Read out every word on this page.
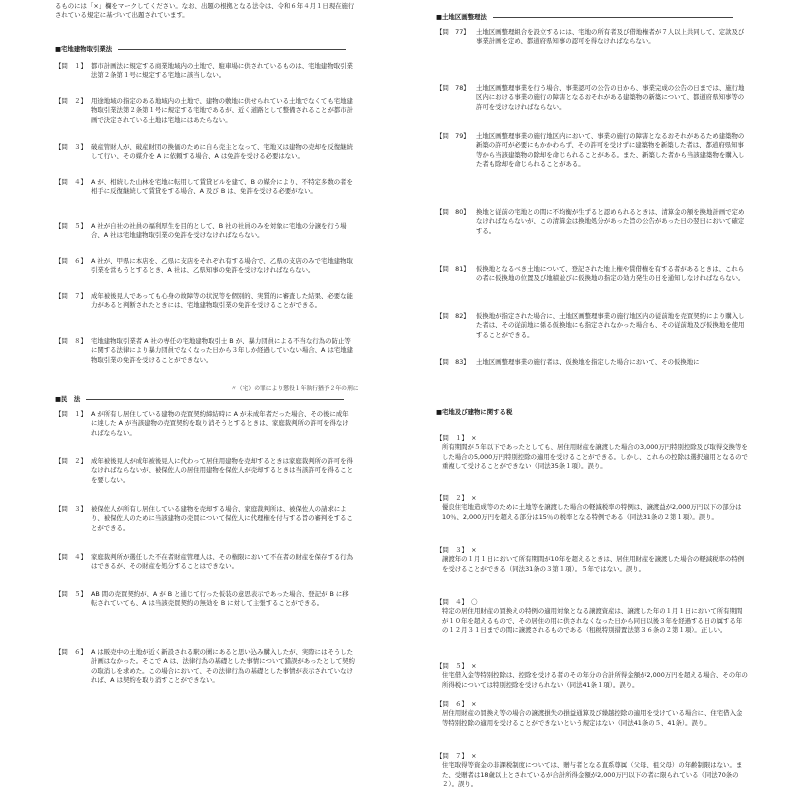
るものには「×」欄をマークしてください。なお、出題の根拠となる法令は、令和６年４月１日現在施行されている規定に基づいて出題されています。

■宅地建物取引業法
【問　１】 都市計画法に規定する商業地域内の土地で、駐車場に供されているものは、宅地建物取引業法第２条第１号に規定する宅地に該当しない。
【問　２】 用途地域の指定のある地域内の土地で、建物の敷地に供せられている土地でなくても宅地建物取引業法第２条第１号に規定する宅地であるが、近く道路として整備されることが都市計画で決定されている土地は宅地にはあたらない。
【問　３】 破産管財人が、破産財団の換価のために自ら売主となって、宅地又は建物の売却を反復継続して行い、その媒介を A に依頼する場合、A は免許を受ける必要はない。
【問　４】 A が、相続した山林を宅地に転用して賃貸ビルを建て、B の媒介により、不特定多数の者を相手に反復継続して賃貸をする場合、A 及び B は、免許を受ける必要がない。
【問　５】 A 社が自社の社員の福利厚生を目的として、B 社の社員のみを対象に宅地の分譲を行う場合、A 社は宅地建物取引業の免許を受けなければならない。
【問　６】 A 社が、甲県に本店を、乙県に支店をそれぞれ有する場合で、乙県の支店のみで宅地建物取引業を営もうとするとき、A 社は、乙県知事の免許を受けなければならない。
【問　７】 成年被後見人であっても心身の故障等の状況等を個別的、実質的に審査した結果、必要な能力があると判断されたときには、宅地建物取引業の免許を受けることができる。
【問　８】 宅地建物取引業者 A 社の専任の宅地建物取引士 B が、暴力団員による不当な行為の防止等に関する法律により暴力団員でなくなった日から３年しか経過していない場合、A は宅地建物取引業の免許を受けることができない。
〃（宅）の罪により懲役１年執行猶予２年の刑に
■民　法
【問　１】 A が所有し居住している建物の売買契約締結時に A が未成年者だった場合、その後に成年に達した A が当該建物の売買契約を取り消そうとするときは、家庭裁判所の許可を得なければならない。
【問　２】 成年被後見人が成年被後見人に代わって居住用建物を売却するときは家庭裁判所の許可を得なければならないが、被保佐人の居住用建物を保佐人が売却するときは当該許可を得ることを要しない。
【問　３】 被保佐人が所有し居住している建物を売却する場合、家庭裁判所は、被保佐人の請求により、被保佐人のために当該建物の売買について保佐人に代理権を付与する旨の審判をすることができる。
【問　４】 家庭裁判所が選任した不在者財産管理人は、その権限において不在者の財産を保存する行為はできるが、その財産を処分することはできない。
【問　５】 AB 間の売買契約が、A が B と通じて行った仮装の意思表示であった場合、登記が B に移転されていても、A は当該売買契約の無効を B に対して主張することができる。
【問　６】 A は販売中の土地が近く新設される駅の圏にあると思い込み購入したが、実際にはそうした計画はなかった。そこで A は、法律行為の基礎とした事情について錯誤があったとして契約の取消しを求めた。この場合において、その法律行為の基礎とした事情が表示されていなければ、A は契約を取り消すことができない。
■土地区画整理法
【問　77】 土地区画整理組合を設立するには、宅地の所有者及び借地権者が７人以上共同して、定款及び事業計画を定め、都道府県知事の認可を得なければならない。
【問　78】 土地区画整理事業を行う場合、事業認可の公告の日から、事業完成の公告の日までは、施行地区内における事業の施行の障害となるおそれがある建築物の新築について、都道府県知事等の許可を受けなければならない。
【問　79】 土地区画整理事業の施行地区内において、事業の施行の障害となるおそれがあるため建築物の新築の許可が必要にもかかわらず、その許可を受けずに建築物を新築した者は、都道府県知事等から当該建築物の除却を命じられることがある。また、新築した者から当該建築物を購入した者も除却を命じられることがある。
【問　80】 換地と従前の宅地との間に不均衡が生ずると認められるときは、清算金の額を換地計画で定めなければならないが、この清算金は換地処分があった旨の公告があった日の翌日において確定する。
【問　81】 仮換地となるべき土地について、登記された地上権や賃借権を有する者があるときは、これらの者に仮換地の位置及び地積並びに仮換地の指定の効力発生の日を通知しなければならない。
【問　82】 仮換地が指定された場合に、土地区画整理事業の施行地区内の従前地を売買契約により購入した者は、その従前地に係る仮換地にも指定されなかった場合も、その従前地及び仮換地を使用することができる。
【問　83】 土地区画整理事業の施行者は、仮換地を指定した場合において、その仮換地に
■宅地及び建物に関する税
【問　１】　×
所有期間が５年以下であったとしても、居住用財産を譲渡した場合の3,000万円特別控除及び取得交換等をした場合の5,000万円特別控除の適用を受けることができる。しかし、これらの控除は選択適用となるので重複して受けることができない（同法35条１項）。誤り。
【問　２】　×
優良住宅地造成等のために土地等を譲渡した場合の軽減税率の特例は、譲渡益が2,000万円以下の部分は10％、2,000万円を超える部分は15％の税率となる特例である（同法31条の２第１項）。誤り。
【問　３】　×
譲渡年の１月１日において所有期間が10年を超えるときは、居住用財産を譲渡した場合の軽減税率の特例を受けることができる（同法31条の３第１項）。５年ではない。誤り。
【問　４】　〇
特定の居住用財産の買換えの特例の適用対象となる譲渡資産は、譲渡した年の１月１日において所有期間が１０年を超えるもので、その居住の用に供されなくなった日から同日以後３年を経過する日の属する年の１２月３１日までの間に譲渡されるものである（租税特別措置法第３６条の２第１項）。正しい。
【問　５】　×
住宅借入金等特別控除は、控除を受ける者のその年分の合計所得金額が2,000万円を超える場合、その年の所得税については特別控除を受けられない（同法41条１項）。誤り。
【問　６】　×
居住用財産の買換え等の場合の譲渡損失の損益通算及び繰越控除の適用を受けている場合に、住宅借入金等特別控除の適用を受けることができないという規定はない（同法41条の５、41条）。誤り。
【問　７】　×
住宅取得等資金の非課税制度については、贈与者となる直系尊属（父母、祖父母）の年齢制限はない。また、受贈者は18歳以上とされているが合計所得金額が2,000万円以下の者に限られている（同法70条の２）。誤り。
